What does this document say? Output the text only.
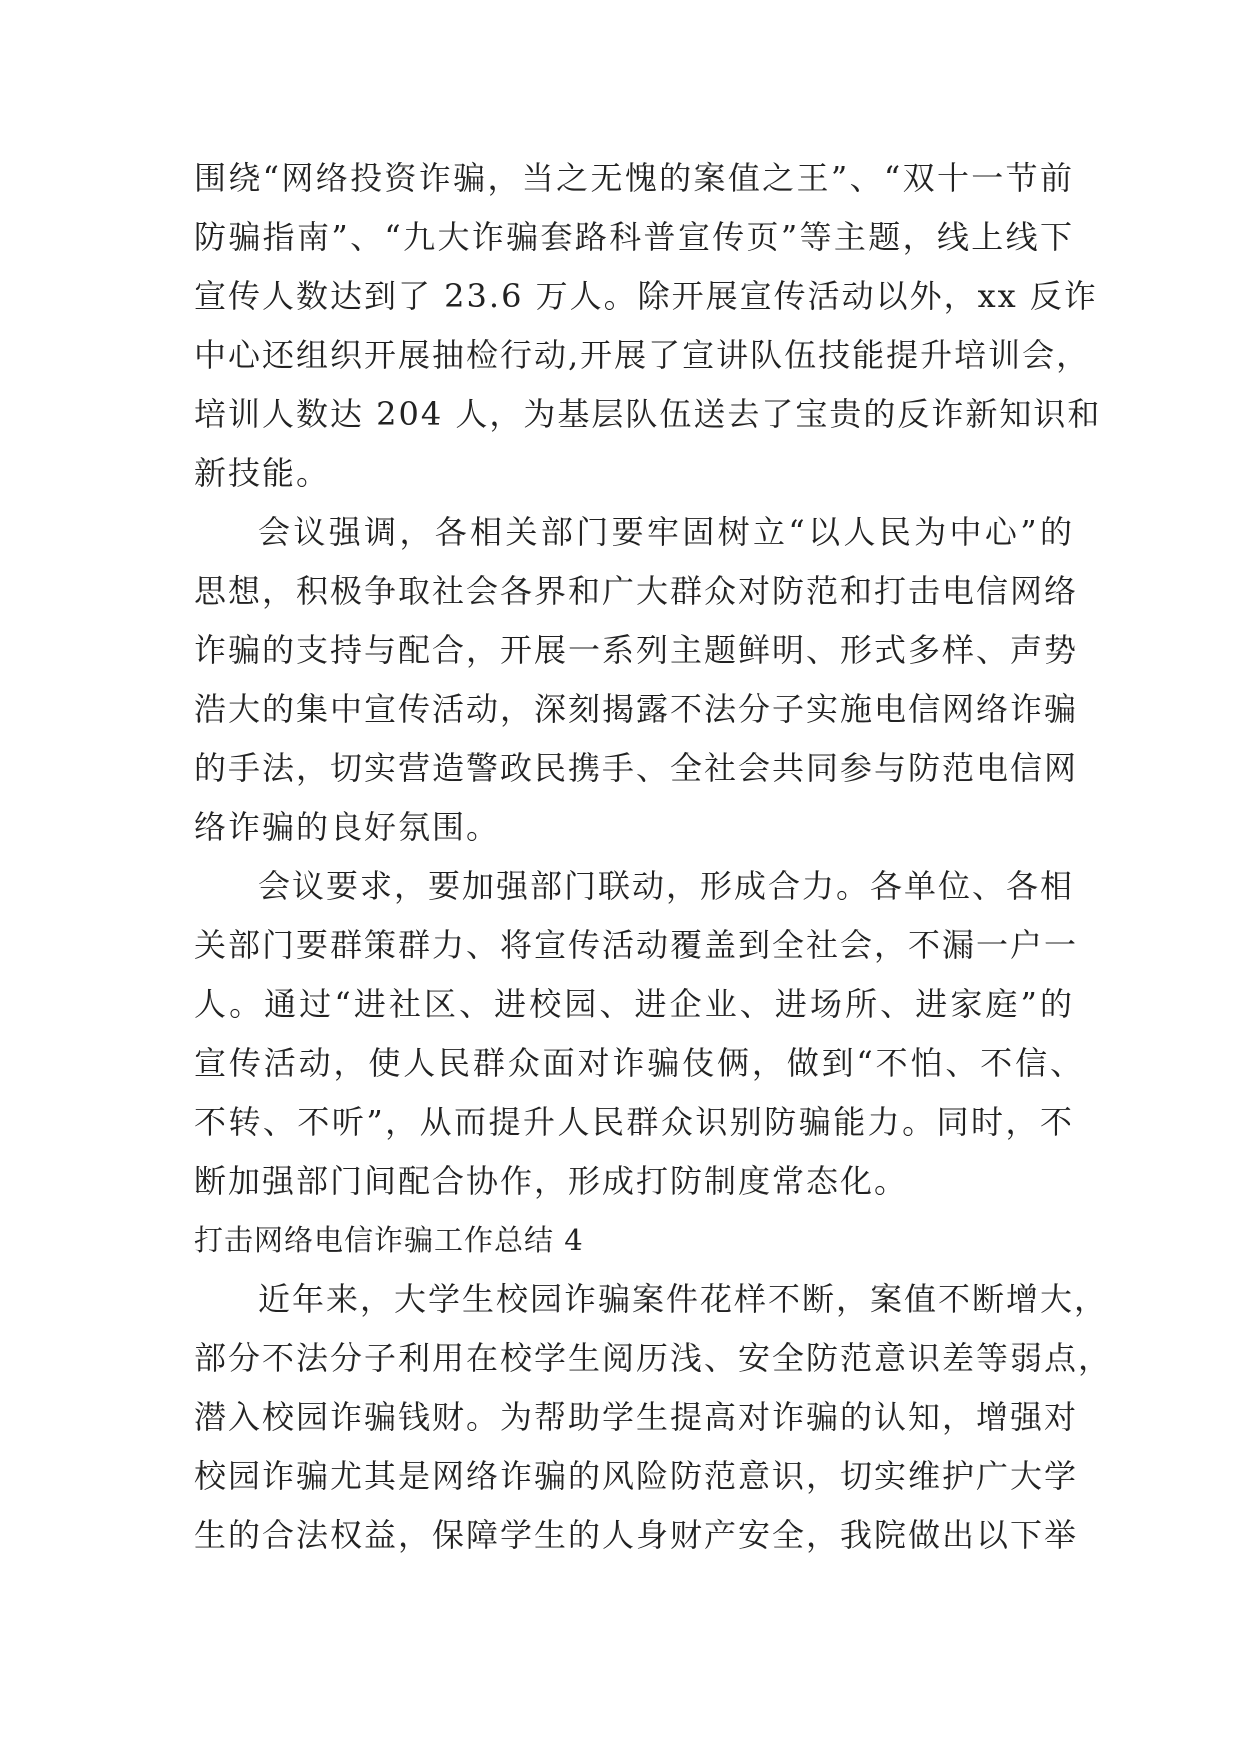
围绕“网络投资诈骗，当之无愧的案值之王”、“双十一节前
防骗指南”、“九大诈骗套路科普宣传页”等主题，线上线下
宣传人数达到了 23.6 万人。除开展宣传活动以外，xx 反诈
中心还组织开展抽检行动,开展了宣讲队伍技能提升培训会，
培训人数达 204 人，为基层队伍送去了宝贵的反诈新知识和
新技能。
会议强调，各相关部门要牢固树立“以人民为中心”的
思想，积极争取社会各界和广大群众对防范和打击电信网络
诈骗的支持与配合，开展一系列主题鲜明、形式多样、声势
浩大的集中宣传活动，深刻揭露不法分子实施电信网络诈骗
的手法，切实营造警政民携手、全社会共同参与防范电信网
络诈骗的良好氛围。
会议要求，要加强部门联动，形成合力。各单位、各相
关部门要群策群力、将宣传活动覆盖到全社会，不漏一户一
人。通过“进社区、进校园、进企业、进场所、进家庭”的
宣传活动，使人民群众面对诈骗伎俩，做到“不怕、不信、
不转、不听”，从而提升人民群众识别防骗能力。同时，不
断加强部门间配合协作，形成打防制度常态化。
打击网络电信诈骗工作总结 4
近年来，大学生校园诈骗案件花样不断，案值不断增大，
部分不法分子利用在校学生阅历浅、安全防范意识差等弱点，
潜入校园诈骗钱财。为帮助学生提高对诈骗的认知，增强对
校园诈骗尤其是网络诈骗的风险防范意识，切实维护广大学
生的合法权益，保障学生的人身财产安全，我院做出以下举
